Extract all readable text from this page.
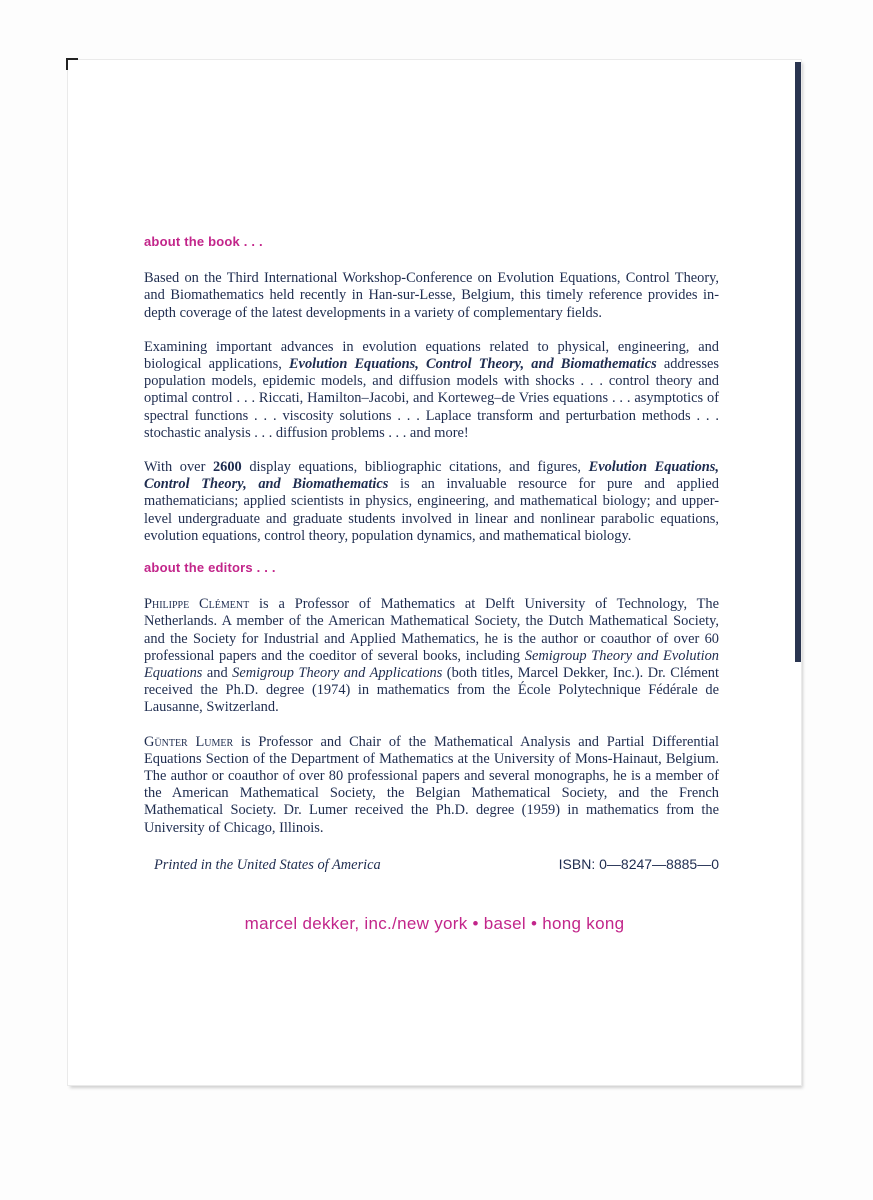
about the book . . .

Based on the Third International Workshop-Conference on Evolution Equations, Control Theory, and Biomathematics held recently in Han-sur-Lesse, Belgium, this timely reference provides in-depth coverage of the latest developments in a variety of complementary fields.

Examining important advances in evolution equations related to physical, engineering, and biological applications, Evolution Equations, Control Theory, and Biomathematics addresses population models, epidemic models, and diffusion models with shocks . . . control theory and optimal control . . . Riccati, Hamilton–Jacobi, and Korteweg–de Vries equations . . . asymptotics of spectral functions . . . viscosity solutions . . . Laplace transform and perturbation methods . . . stochastic analysis . . . diffusion problems . . . and more!

With over 2600 display equations, bibliographic citations, and figures, Evolution Equations, Control Theory, and Biomathematics is an invaluable resource for pure and applied mathematicians; applied scientists in physics, engineering, and mathematical biology; and upper-level undergraduate and graduate students involved in linear and nonlinear parabolic equations, evolution equations, control theory, population dynamics, and mathematical biology.

about the editors . . .

Philippe Clément is a Professor of Mathematics at Delft University of Technology, The Netherlands. A member of the American Mathematical Society, the Dutch Mathematical Society, and the Society for Industrial and Applied Mathematics, he is the author or coauthor of over 60 professional papers and the coeditor of several books, including Semigroup Theory and Evolution Equations and Semigroup Theory and Applications (both titles, Marcel Dekker, Inc.). Dr. Clément received the Ph.D. degree (1974) in mathematics from the École Polytechnique Fédérale de Lausanne, Switzerland.

Günter Lumer is Professor and Chair of the Mathematical Analysis and Partial Differential Equations Section of the Department of Mathematics at the University of Mons-Hainaut, Belgium. The author or coauthor of over 80 professional papers and several monographs, he is a member of the American Mathematical Society, the Belgian Mathematical Society, and the French Mathematical Society. Dr. Lumer received the Ph.D. degree (1959) in mathematics from the University of Chicago, Illinois.

Printed in the United States of America	ISBN: 0—8247—8885—0
marcel dekker, inc./new york • basel • hong kong
